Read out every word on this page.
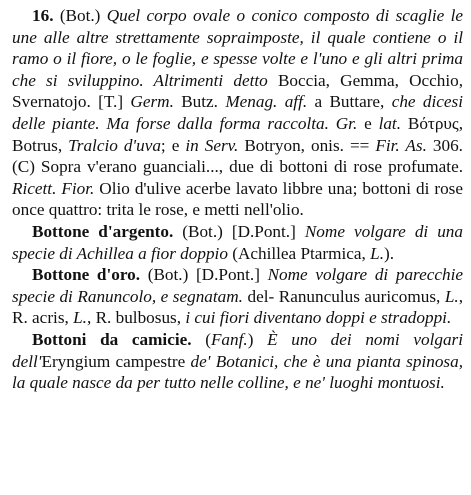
16. (Bot.) Quel corpo ovale o conico composto di scaglie le une alle altre strettamente sopraimposte, il quale contiene o il ramo o il fiore, o le foglie, e spesse volte e l'uno e gli altri prima che si sviluppino. Altrimenti detto Boccia, Gemma, Occhio, Svernatojo. [T.] Germ. Butz. Menag. aff. a Buttare, che dicesi delle piante. Ma forse dalla forma raccolta. Gr. e lat. Βότρυς, Botrus, Tralcio d'uva; e in Serv. Botryon, onis. == Fir. As. 306. (C) Sopra v'erano guanciali..., due di bottoni di rose profumate. Ricett. Fior. Olio d'ulive acerbe lavato libbre una; bottoni di rose once quattro: trita le rose, e metti nell'olio.

Bottone d'argento. (Bot.) [D.Pont.] Nome volgare di una specie di Achillea a fior doppio (Achillea Ptarmica, L.).

Bottone d'oro. (Bot.) [D.Pont.] Nome volgare di parecchie specie di Ranuncolo, e segnatam. del- Ranunculus auricomus, L., R. acris, L., R. bulbosus, i cui fiori diventano doppi e stradoppi.

Bottoni da camicie. (Fanf.) È uno dei nomi volgari dell'Eryngium campestre de' Botanici, che è una pianta spinosa, la quale nasce da per tutto nelle colline, e ne' luoghi montuosi.
